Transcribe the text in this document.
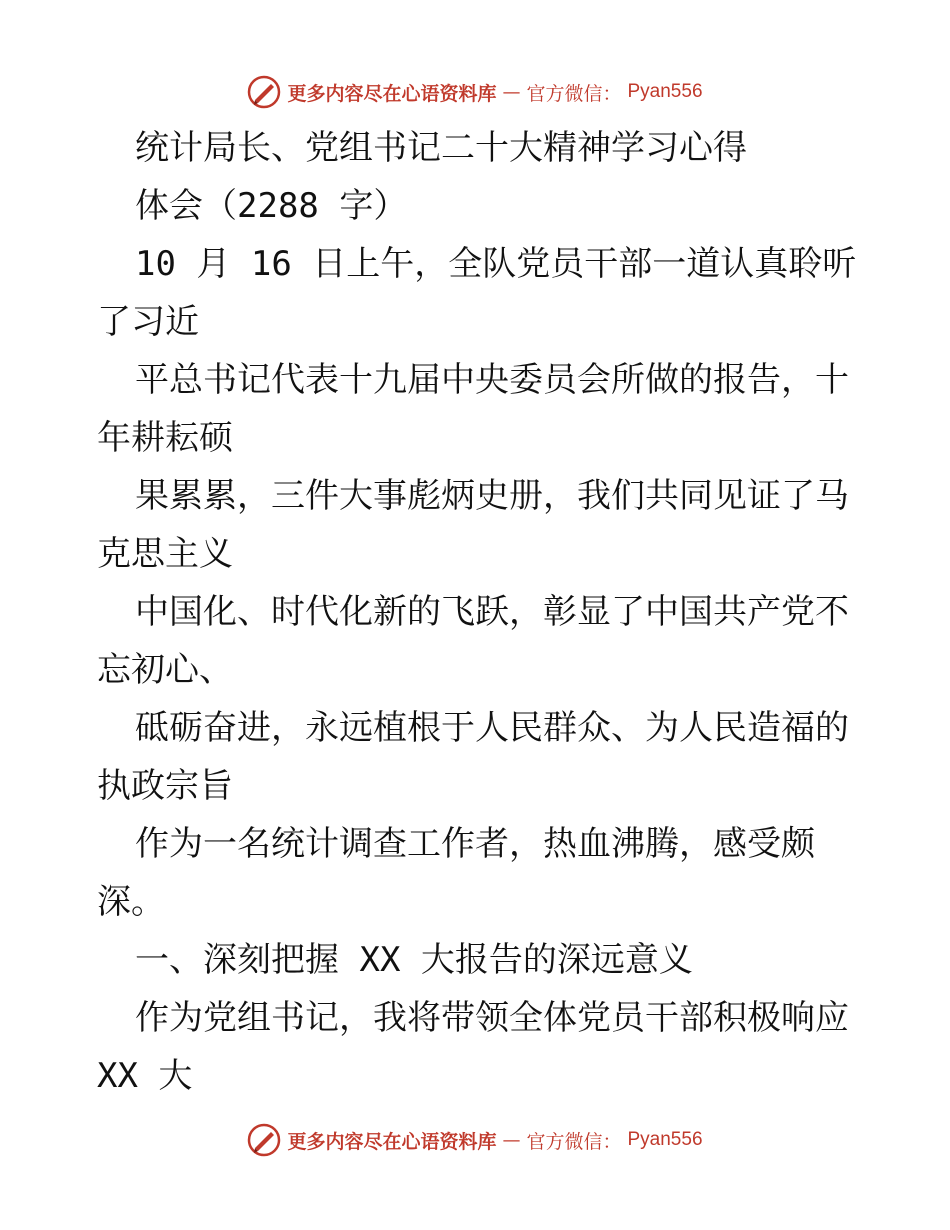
更多内容尽在心语资料库 — 官方微信： Pyan556
统计局长、党组书记二十大精神学习心得
体会（2288 字）
10 月 16 日上午，全队党员干部一道认真聆听
了习近
平总书记代表十九届中央委员会所做的报告，十
年耕耘硕
果累累，三件大事彪炳史册，我们共同见证了马
克思主义
中国化、时代化新的飞跃，彰显了中国共产党不
忘初心、
砥砺奋进，永远植根于人民群众、为人民造福的
执政宗旨
作为一名统计调查工作者，热血沸腾，感受颇
深。
一、深刻把握 XX 大报告的深远意义
作为党组书记，我将带领全体党员干部积极响应
XX 大
更多内容尽在心语资料库 — 官方微信： Pyan556
